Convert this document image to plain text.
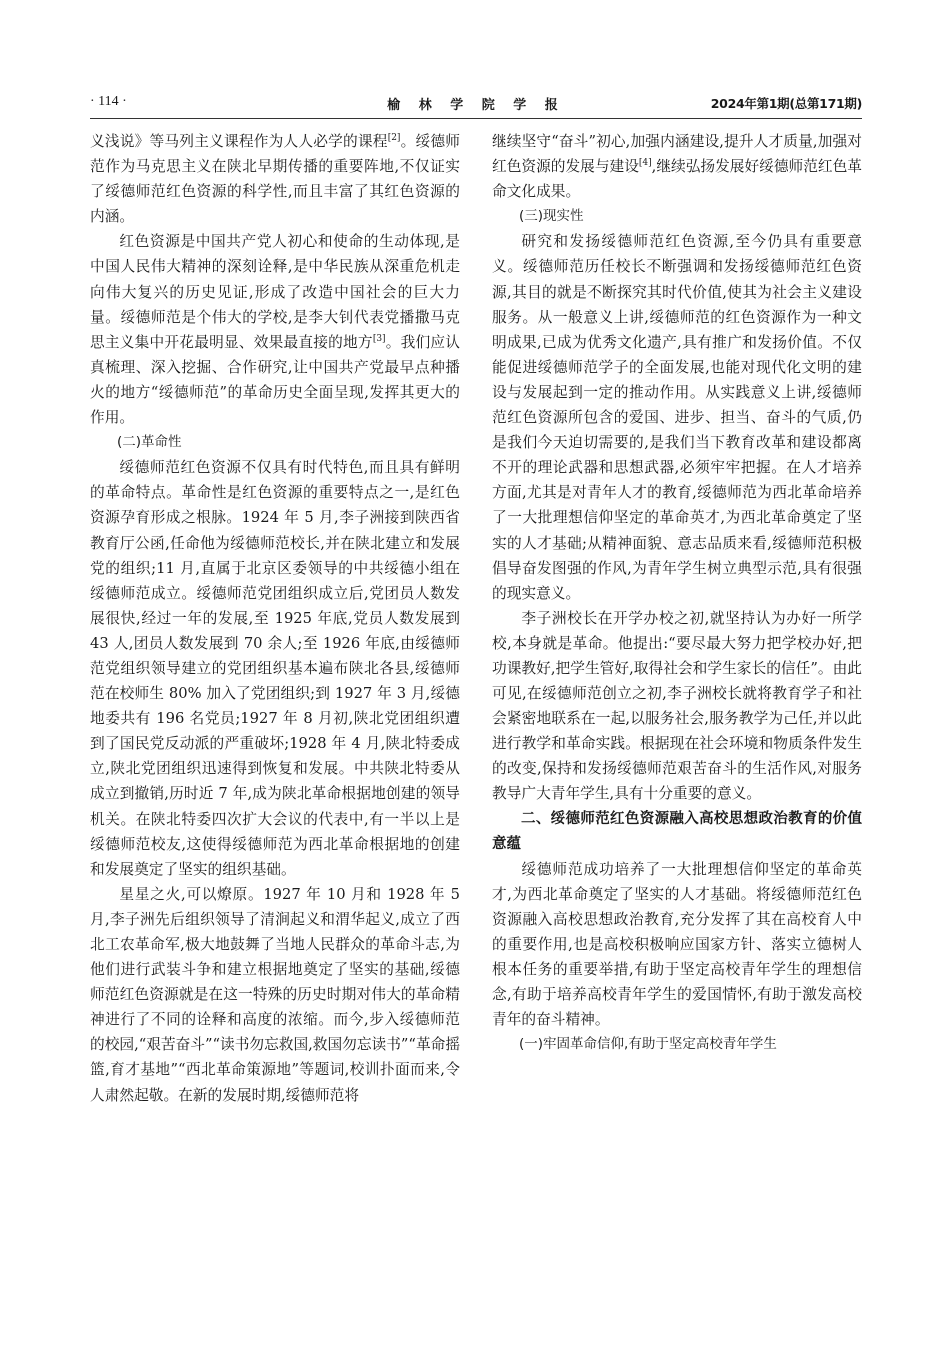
· 114 ·	榆 林 学 院 学 报	2024年第1期(总第171期)

义浅说》等马列主义课程作为人人必学的课程[2]。绥德师范作为马克思主义在陕北早期传播的重要阵地,不仅证实了绥德师范红色资源的科学性,而且丰富了其红色资源的内涵。

红色资源是中国共产党人初心和使命的生动体现,是中国人民伟大精神的深刻诠释,是中华民族从深重危机走向伟大复兴的历史见证,形成了改造中国社会的巨大力量。绥德师范是个伟大的学校,是李大钊代表党播撒马克思主义集中开花最明显、效果最直接的地方[3]。我们应认真梳理、深入挖掘、合作研究,让中国共产党最早点种播火的地方“绥德师范”的革命历史全面呈现,发挥其更大的作用。

(二)革命性

绥德师范红色资源不仅具有时代特色,而且具有鲜明的革命特点。革命性是红色资源的重要特点之一,是红色资源孕育形成之根脉。1924 年 5 月,李子洲接到陕西省教育厅公函,任命他为绥德师范校长,并在陕北建立和发展党的组织;11 月,直属于北京区委领导的中共绥德小组在绥德师范成立。绥德师范党团组织成立后,党团员人数发展很快,经过一年的发展,至 1925 年底,党员人数发展到 43 人,团员人数发展到 70 余人;至 1926 年底,由绥德师范党组织领导建立的党团组织基本遍布陕北各县,绥德师范在校师生 80% 加入了党团组织;到 1927 年 3 月,绥德地委共有 196 名党员;1927 年 8 月初,陕北党团组织遭到了国民党反动派的严重破坏;1928 年 4 月,陕北特委成立,陕北党团组织迅速得到恢复和发展。中共陕北特委从成立到撤销,历时近 7 年,成为陕北革命根据地创建的领导机关。在陕北特委四次扩大会议的代表中,有一半以上是绥德师范校友,这使得绥德师范为西北革命根据地的创建和发展奠定了坚实的组织基础。

星星之火,可以燎原。1927 年 10 月和 1928 年 5 月,李子洲先后组织领导了清涧起义和渭华起义,成立了西北工农革命军,极大地鼓舞了当地人民群众的革命斗志,为他们进行武装斗争和建立根据地奠定了坚实的基础,绥德师范红色资源就是在这一特殊的历史时期对伟大的革命精神进行了不同的诠释和高度的浓缩。而今,步入绥德师范的校园,“艰苦奋斗”“读书勿忘救国,救国勿忘读书”“革命摇篮,育才基地”“西北革命策源地”等题词,校训扑面而来,令人肃然起敬。在新的发展时期,绥德师范将

继续坚守“奋斗”初心,加强内涵建设,提升人才质量,加强对红色资源的发展与建设[4],继续弘扬发展好绥德师范红色革命文化成果。

(三)现实性

研究和发扬绥德师范红色资源,至今仍具有重要意义。绥德师范历任校长不断强调和发扬绥德师范红色资源,其目的就是不断探究其时代价值,使其为社会主义建设服务。从一般意义上讲,绥德师范的红色资源作为一种文明成果,已成为优秀文化遗产,具有推广和发扬价值。不仅能促进绥德师范学子的全面发展,也能对现代化文明的建设与发展起到一定的推动作用。从实践意义上讲,绥德师范红色资源所包含的爱国、进步、担当、奋斗的气质,仍是我们今天迫切需要的,是我们当下教育改革和建设都离不开的理论武器和思想武器,必须牢牢把握。在人才培养方面,尤其是对青年人才的教育,绥德师范为西北革命培养了一大批理想信仰坚定的革命英才,为西北革命奠定了坚实的人才基础;从精神面貌、意志品质来看,绥德师范积极倡导奋发图强的作风,为青年学生树立典型示范,具有很强的现实意义。

李子洲校长在开学办校之初,就坚持认为办好一所学校,本身就是革命。他提出:“要尽最大努力把学校办好,把功课教好,把学生管好,取得社会和学生家长的信任”。由此可见,在绥德师范创立之初,李子洲校长就将教育学子和社会紧密地联系在一起,以服务社会,服务教学为己任,并以此进行教学和革命实践。根据现在社会环境和物质条件发生的改变,保持和发扬绥德师范艰苦奋斗的生活作风,对服务教导广大青年学生,具有十分重要的意义。

二、绥德师范红色资源融入高校思想政治教育的价值意蕴

绥德师范成功培养了一大批理想信仰坚定的革命英才,为西北革命奠定了坚实的人才基础。将绥德师范红色资源融入高校思想政治教育,充分发挥了其在高校育人中的重要作用,也是高校积极响应国家方针、落实立德树人根本任务的重要举措,有助于坚定高校青年学生的理想信念,有助于培养高校青年学生的爱国情怀,有助于激发高校青年的奋斗精神。

(一)牢固革命信仰,有助于坚定高校青年学生
